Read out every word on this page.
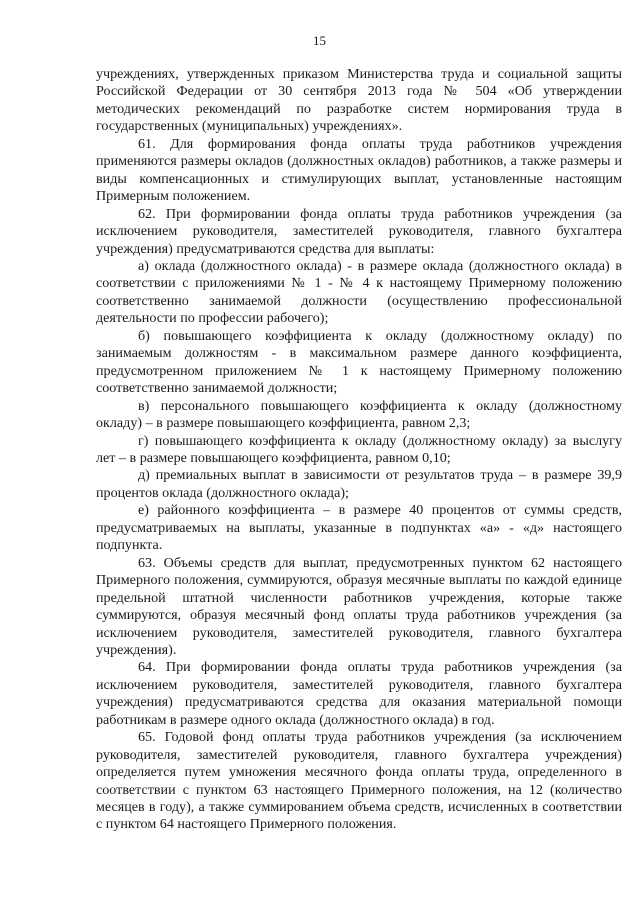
15

учреждениях, утвержденных приказом Министерства труда и социальной защиты Российской Федерации от 30 сентября 2013 года № 504 «Об утверждении методических рекомендаций по разработке систем нормирования труда в государственных (муниципальных) учреждениях».

61. Для формирования фонда оплаты труда работников учреждения применяются размеры окладов (должностных окладов) работников, а также размеры и виды компенсационных и стимулирующих выплат, установленные настоящим Примерным положением.

62. При формировании фонда оплаты труда работников учреждения (за исключением руководителя, заместителей руководителя, главного бухгалтера учреждения) предусматриваются средства для выплаты:

а) оклада (должностного оклада) - в размере оклада (должностного оклада) в соответствии с приложениями № 1 - № 4 к настоящему Примерному положению соответственно занимаемой должности (осуществлению профессиональной деятельности по профессии рабочего);

б) повышающего коэффициента к окладу (должностному окладу) по занимаемым должностям - в максимальном размере данного коэффициента, предусмотренном приложением № 1 к настоящему Примерному положению соответственно занимаемой должности;

в) персонального повышающего коэффициента к окладу (должностному окладу) – в размере повышающего коэффициента, равном 2,3;

г) повышающего коэффициента к окладу (должностному окладу) за выслугу лет – в размере повышающего коэффициента, равном 0,10;

д) премиальных выплат в зависимости от результатов труда – в размере 39,9 процентов оклада (должностного оклада);

е) районного коэффициента – в размере 40 процентов от суммы средств, предусматриваемых на выплаты, указанные в подпунктах «а» - «д» настоящего подпункта.

63. Объемы средств для выплат, предусмотренных пунктом 62 настоящего Примерного положения, суммируются, образуя месячные выплаты по каждой единице предельной штатной численности работников учреждения, которые также суммируются, образуя месячный фонд оплаты труда работников учреждения (за исключением руководителя, заместителей руководителя, главного бухгалтера учреждения).

64. При формировании фонда оплаты труда работников учреждения (за исключением руководителя, заместителей руководителя, главного бухгалтера учреждения) предусматриваются средства для оказания материальной помощи работникам в размере одного оклада (должностного оклада) в год.

65. Годовой фонд оплаты труда работников учреждения (за исключением руководителя, заместителей руководителя, главного бухгалтера учреждения) определяется путем умножения месячного фонда оплаты труда, определенного в соответствии с пунктом 63 настоящего Примерного положения, на 12 (количество месяцев в году), а также суммированием объема средств, исчисленных в соответствии с пунктом 64 настоящего Примерного положения.
